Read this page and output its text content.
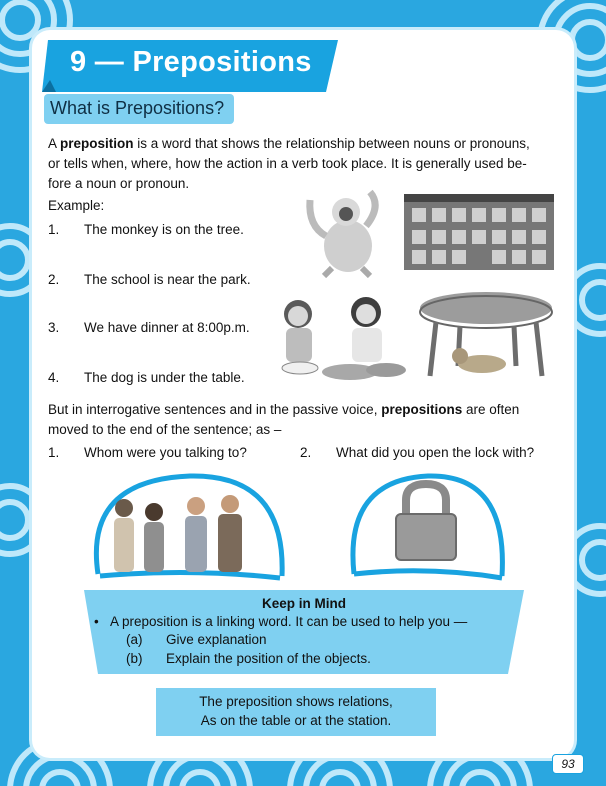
9 — Prepositions
What is Prepositions?
A preposition is a word that shows the relationship between nouns or pronouns,
or tells when, where, how the action in a verb took place. It is generally used be-
fore a noun or pronoun.
Example:
1. The monkey is on the tree.
2. The school is near the park.
3. We have dinner at 8:00p.m.
4. The dog is under the table.
But in interrogative sentences and in the passive voice, prepositions are often
moved to the end of the sentence; as –
1. Whom were you talking to?	2. What did you open the lock with?
Keep in Mind
• A preposition is a linking word. It can be used to help you —
(a) Give explanation
(b) Explain the position of the objects.
The preposition shows relations,
As on the table or at the station.
93
